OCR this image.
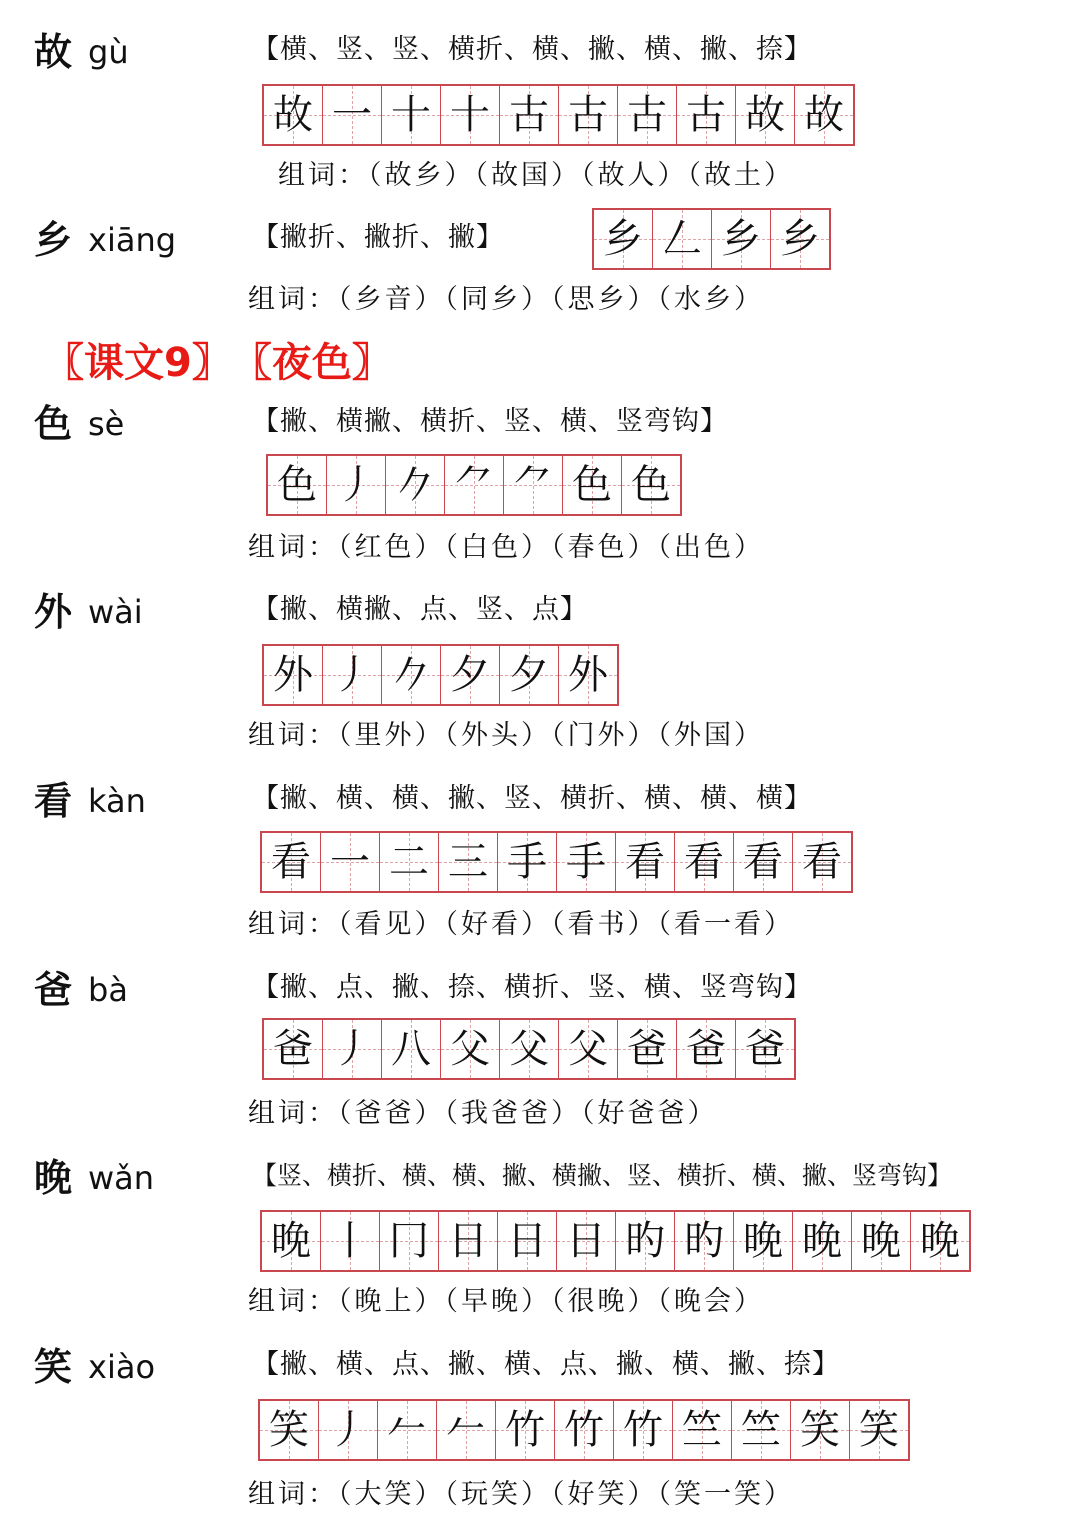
故 gù	【横、竖、竖、横折、横、撇、横、撇、捺】
故 一 十 十 古 古 古 古 故 故
组词：（故乡）（故国）（故人）（故土）
乡 xiāng	【撇折、撇折、撇】 乡 𠃋 乡 乡
组词：（乡音）（同乡）（思乡）（水乡）
〖课文9〗 〖夜色〗
色 sè	【撇、横撇、横折、竖、横、竖弯钩】
色 丿 𠂊 ⺈ ⺈ 色 色
组词：（红色）（白色）（春色）（出色）
外 wài	【撇、横撇、点、竖、点】
外 丿 𠂊 夕 夕 外
组词：（里外）（外头）（门外）（外国）
看 kàn	【撇、横、横、撇、竖、横折、横、横、横】
看 一 二 三 手 手 看 看 看 看
组词：（看见）（好看）（看书）（看一看）
爸 bà	【撇、点、撇、捺、横折、竖、横、竖弯钩】
爸 丿 八 父 父 父 爸 爸 爸
组词：（爸爸）（我爸爸）（好爸爸）
晚 wǎn	【竖、横折、横、横、撇、横撇、竖、横折、横、撇、竖弯钩】
晚 丨 冂 日 日 日 旳 旳 晚 晚 晚 晚
组词：（晚上）（早晚）（很晚）（晚会）
笑 xiào	【撇、横、点、撇、横、点、撇、横、撇、捺】
笑 丿 𠂉 𠂉 竹 竹 竹 竺 竺 笑 笑
组词：（大笑）（玩笑）（好笑）（笑一笑）
